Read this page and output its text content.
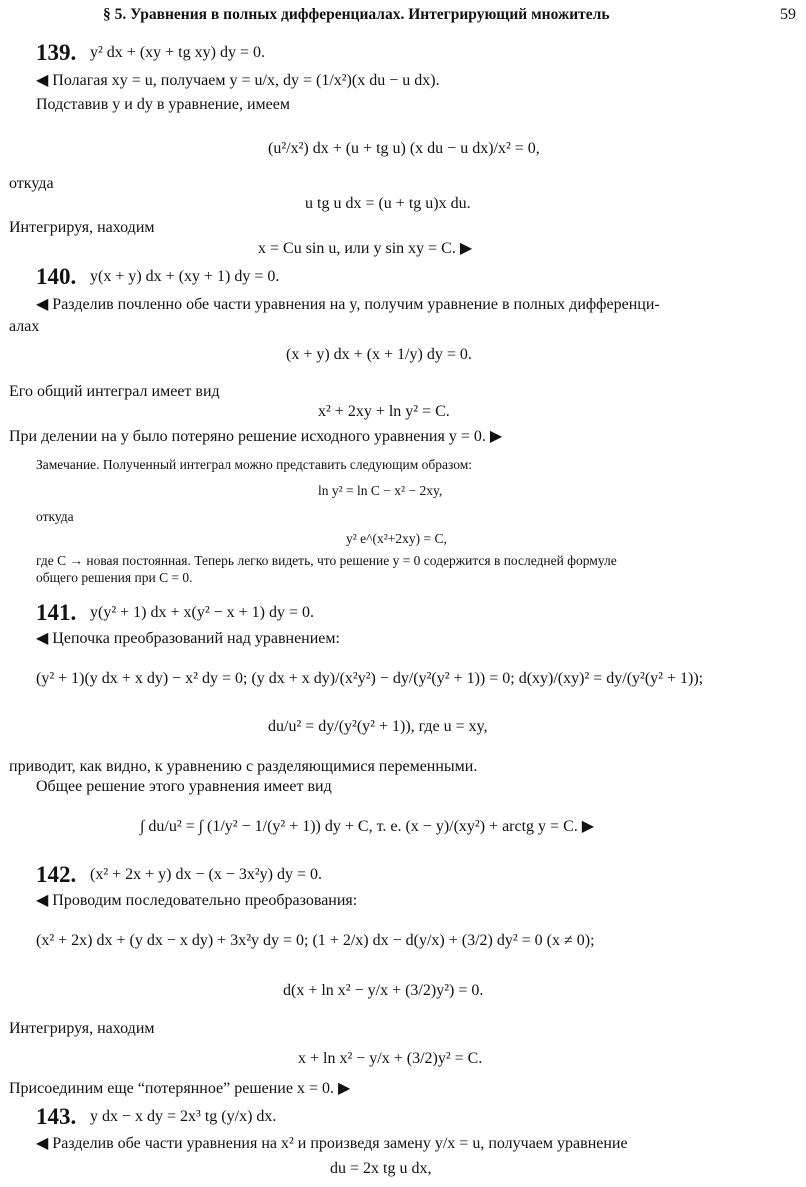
§ 5. Уравнения в полных дифференциалах. Интегрирующий множитель	59
139. y² dx + (xy + tg xy) dy = 0.
◀ Полагая xy = u, получаем y = u/x, dy = (1/x²)(x du − u dx).
Подставив y и dy в уравнение, имеем
(u²/x²) dx + (u + tg u) (x du − u dx)/x² = 0,
откуда
u tg u dx = (u + tg u)x du.
Интегрируя, находим
x = Cu sin u, или y sin xy = C. ▶
140. y(x + y) dx + (xy + 1) dy = 0.
◀ Разделив почленно обе части уравнения на y, получим уравнение в полных дифференци-
алах
(x + y) dx + (x + 1/y) dy = 0.
Его общий интеграл имеет вид
x² + 2xy + ln y² = C.
При делении на y было потеряно решение исходного уравнения y = 0. ▶
Замечание. Полученный интеграл можно представить следующим образом:
ln y² = ln C − x² − 2xy,
откуда
y² e^(x²+2xy) = C,
где C → новая постоянная. Теперь легко видеть, что решение y = 0 содержится в последней формуле
общего решения при C = 0.
141. y(y² + 1) dx + x(y² − x + 1) dy = 0.
◀ Цепочка преобразований над уравнением:
(y² + 1)(y dx + x dy) − x² dy = 0; (y dx + x dy)/(x²y²) − dy/(y²(y² + 1)) = 0; d(xy)/(xy)² = dy/(y²(y² + 1));
du/u² = dy/(y²(y² + 1)), где u = xy,
приводит, как видно, к уравнению с разделяющимися переменными.
Общее решение этого уравнения имеет вид
∫ du/u² = ∫ (1/y² − 1/(y² + 1)) dy + C, т. е. (x − y)/(xy²) + arctg y = C. ▶
142. (x² + 2x + y) dx − (x − 3x²y) dy = 0.
◀ Проводим последовательно преобразования:
(x² + 2x) dx + (y dx − x dy) + 3x²y dy = 0; (1 + 2/x) dx − d(y/x) + (3/2) dy² = 0 (x ≠ 0);
d(x + ln x² − y/x + (3/2)y²) = 0.
Интегрируя, находим
x + ln x² − y/x + (3/2)y² = C.
Присоединим еще “потерянное” решение x = 0. ▶
143. y dx − x dy = 2x³ tg (y/x) dx.
◀ Разделив обе части уравнения на x² и произведя замену y/x = u, получаем уравнение
du = 2x tg u dx,
